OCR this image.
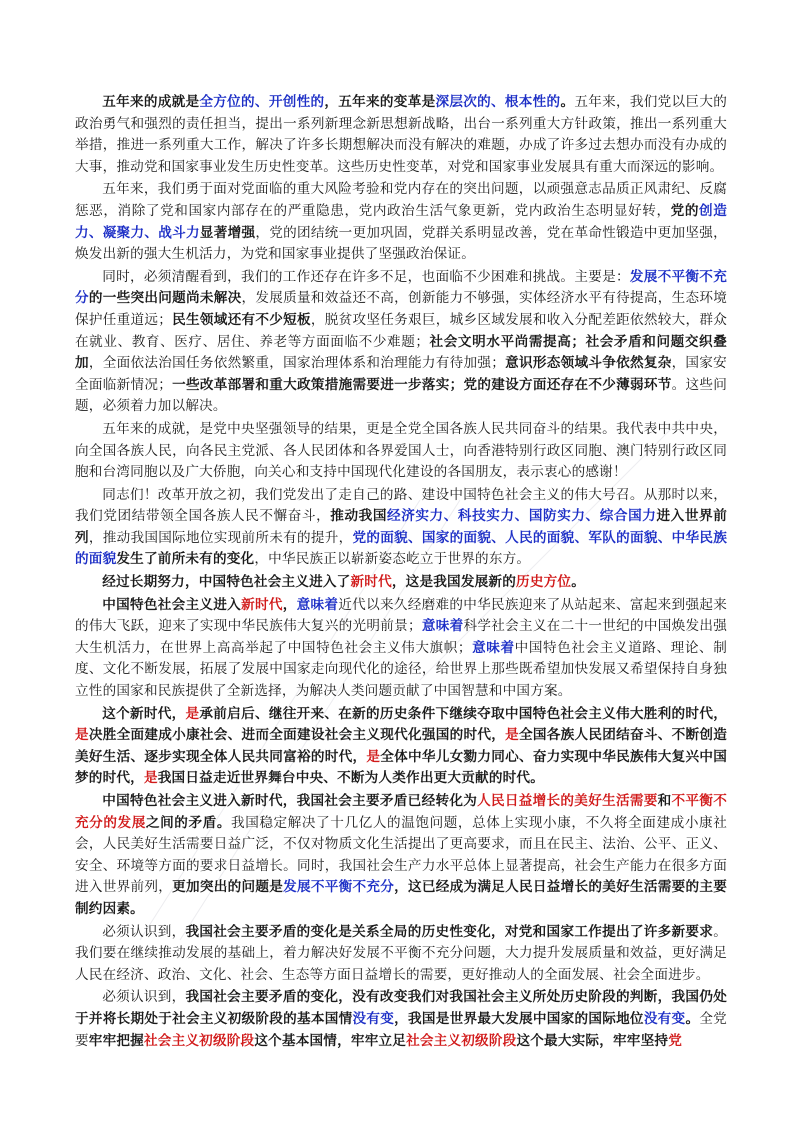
五年来的成就是全方位的、开创性的，五年来的变革是深层次的、根本性的。五年来，我们党以巨大的政治勇气和强烈的责任担当，提出一系列新理念新思想新战略，出台一系列重大方针政策，推出一系列重大举措，推进一系列重大工作，解决了许多长期想解决而没有解决的难题，办成了许多过去想办而没有办成的大事，推动党和国家事业发生历史性变革。这些历史性变革，对党和国家事业发展具有重大而深远的影响。

五年来，我们勇于面对党面临的重大风险考验和党内存在的突出问题，以顽强意志品质正风肃纪、反腐惩恶，消除了党和国家内部存在的严重隐患，党内政治生活气象更新，党内政治生态明显好转，党的创造力、凝聚力、战斗力显著增强，党的团结统一更加巩固，党群关系明显改善，党在革命性锻造中更加坚强，焕发出新的强大生机活力，为党和国家事业提供了坚强政治保证。

同时，必须清醒看到，我们的工作还存在许多不足，也面临不少困难和挑战。主要是：发展不平衡不充分的一些突出问题尚未解决，发展质量和效益还不高，创新能力不够强，实体经济水平有待提高，生态环境保护任重道远；民生领域还有不少短板，脱贫攻坚任务艰巨，城乡区域发展和收入分配差距依然较大，群众在就业、教育、医疗、居住、养老等方面面临不少难题；社会文明水平尚需提高；社会矛盾和问题交织叠加，全面依法治国任务依然繁重，国家治理体系和治理能力有待加强；意识形态领域斗争依然复杂，国家安全面临新情况；一些改革部署和重大政策措施需要进一步落实；党的建设方面还存在不少薄弱环节。这些问题，必须着力加以解决。

五年来的成就，是党中央坚强领导的结果，更是全党全国各族人民共同奋斗的结果。我代表中共中央，向全国各族人民，向各民主党派、各人民团体和各界爱国人士，向香港特别行政区同胞、澳门特别行政区同胞和台湾同胞以及广大侨胞，向关心和支持中国现代化建设的各国朋友，表示衷心的感谢！

同志们！改革开放之初，我们党发出了走自己的路、建设中国特色社会主义的伟大号召。从那时以来，我们党团结带领全国各族人民不懈奋斗，推动我国经济实力、科技实力、国防实力、综合国力进入世界前列，推动我国国际地位实现前所未有的提升，党的面貌、国家的面貌、人民的面貌、军队的面貌、中华民族的面貌发生了前所未有的变化，中华民族正以崭新姿态屹立于世界的东方。

经过长期努力，中国特色社会主义进入了新时代，这是我国发展新的历史方位。

中国特色社会主义进入新时代，意味着近代以来久经磨难的中华民族迎来了从站起来、富起来到强起来的伟大飞跃，迎来了实现中华民族伟大复兴的光明前景；意味着科学社会主义在二十一世纪的中国焕发出强大生机活力，在世界上高高举起了中国特色社会主义伟大旗帜；意味着中国特色社会主义道路、理论、制度、文化不断发展，拓展了发展中国家走向现代化的途径，给世界上那些既希望加快发展又希望保持自身独立性的国家和民族提供了全新选择，为解决人类问题贡献了中国智慧和中国方案。

这个新时代，是承前启后、继往开来、在新的历史条件下继续夺取中国特色社会主义伟大胜利的时代，是决胜全面建成小康社会、进而全面建设社会主义现代化强国的时代，是全国各族人民团结奋斗、不断创造美好生活、逐步实现全体人民共同富裕的时代，是全体中华儿女勠力同心、奋力实现中华民族伟大复兴中国梦的时代，是我国日益走近世界舞台中央、不断为人类作出更大贡献的时代。

中国特色社会主义进入新时代，我国社会主要矛盾已经转化为人民日益增长的美好生活需要和不平衡不充分的发展之间的矛盾。我国稳定解决了十几亿人的温饱问题，总体上实现小康，不久将全面建成小康社会，人民美好生活需要日益广泛，不仅对物质文化生活提出了更高要求，而且在民主、法治、公平、正义、安全、环境等方面的要求日益增长。同时，我国社会生产力水平总体上显著提高，社会生产能力在很多方面进入世界前列，更加突出的问题是发展不平衡不充分，这已经成为满足人民日益增长的美好生活需要的主要制约因素。

必须认识到，我国社会主要矛盾的变化是关系全局的历史性变化，对党和国家工作提出了许多新要求。我们要在继续推动发展的基础上，着力解决好发展不平衡不充分问题，大力提升发展质量和效益，更好满足人民在经济、政治、文化、社会、生态等方面日益增长的需要，更好推动人的全面发展、社会全面进步。

必须认识到，我国社会主要矛盾的变化，没有改变我们对我国社会主义所处历史阶段的判断，我国仍处于并将长期处于社会主义初级阶段的基本国情没有变，我国是世界最大发展中国家的国际地位没有变。全党要牢牢把握社会主义初级阶段这个基本国情，牢牢立足社会主义初级阶段这个最大实际，牢牢坚持党
